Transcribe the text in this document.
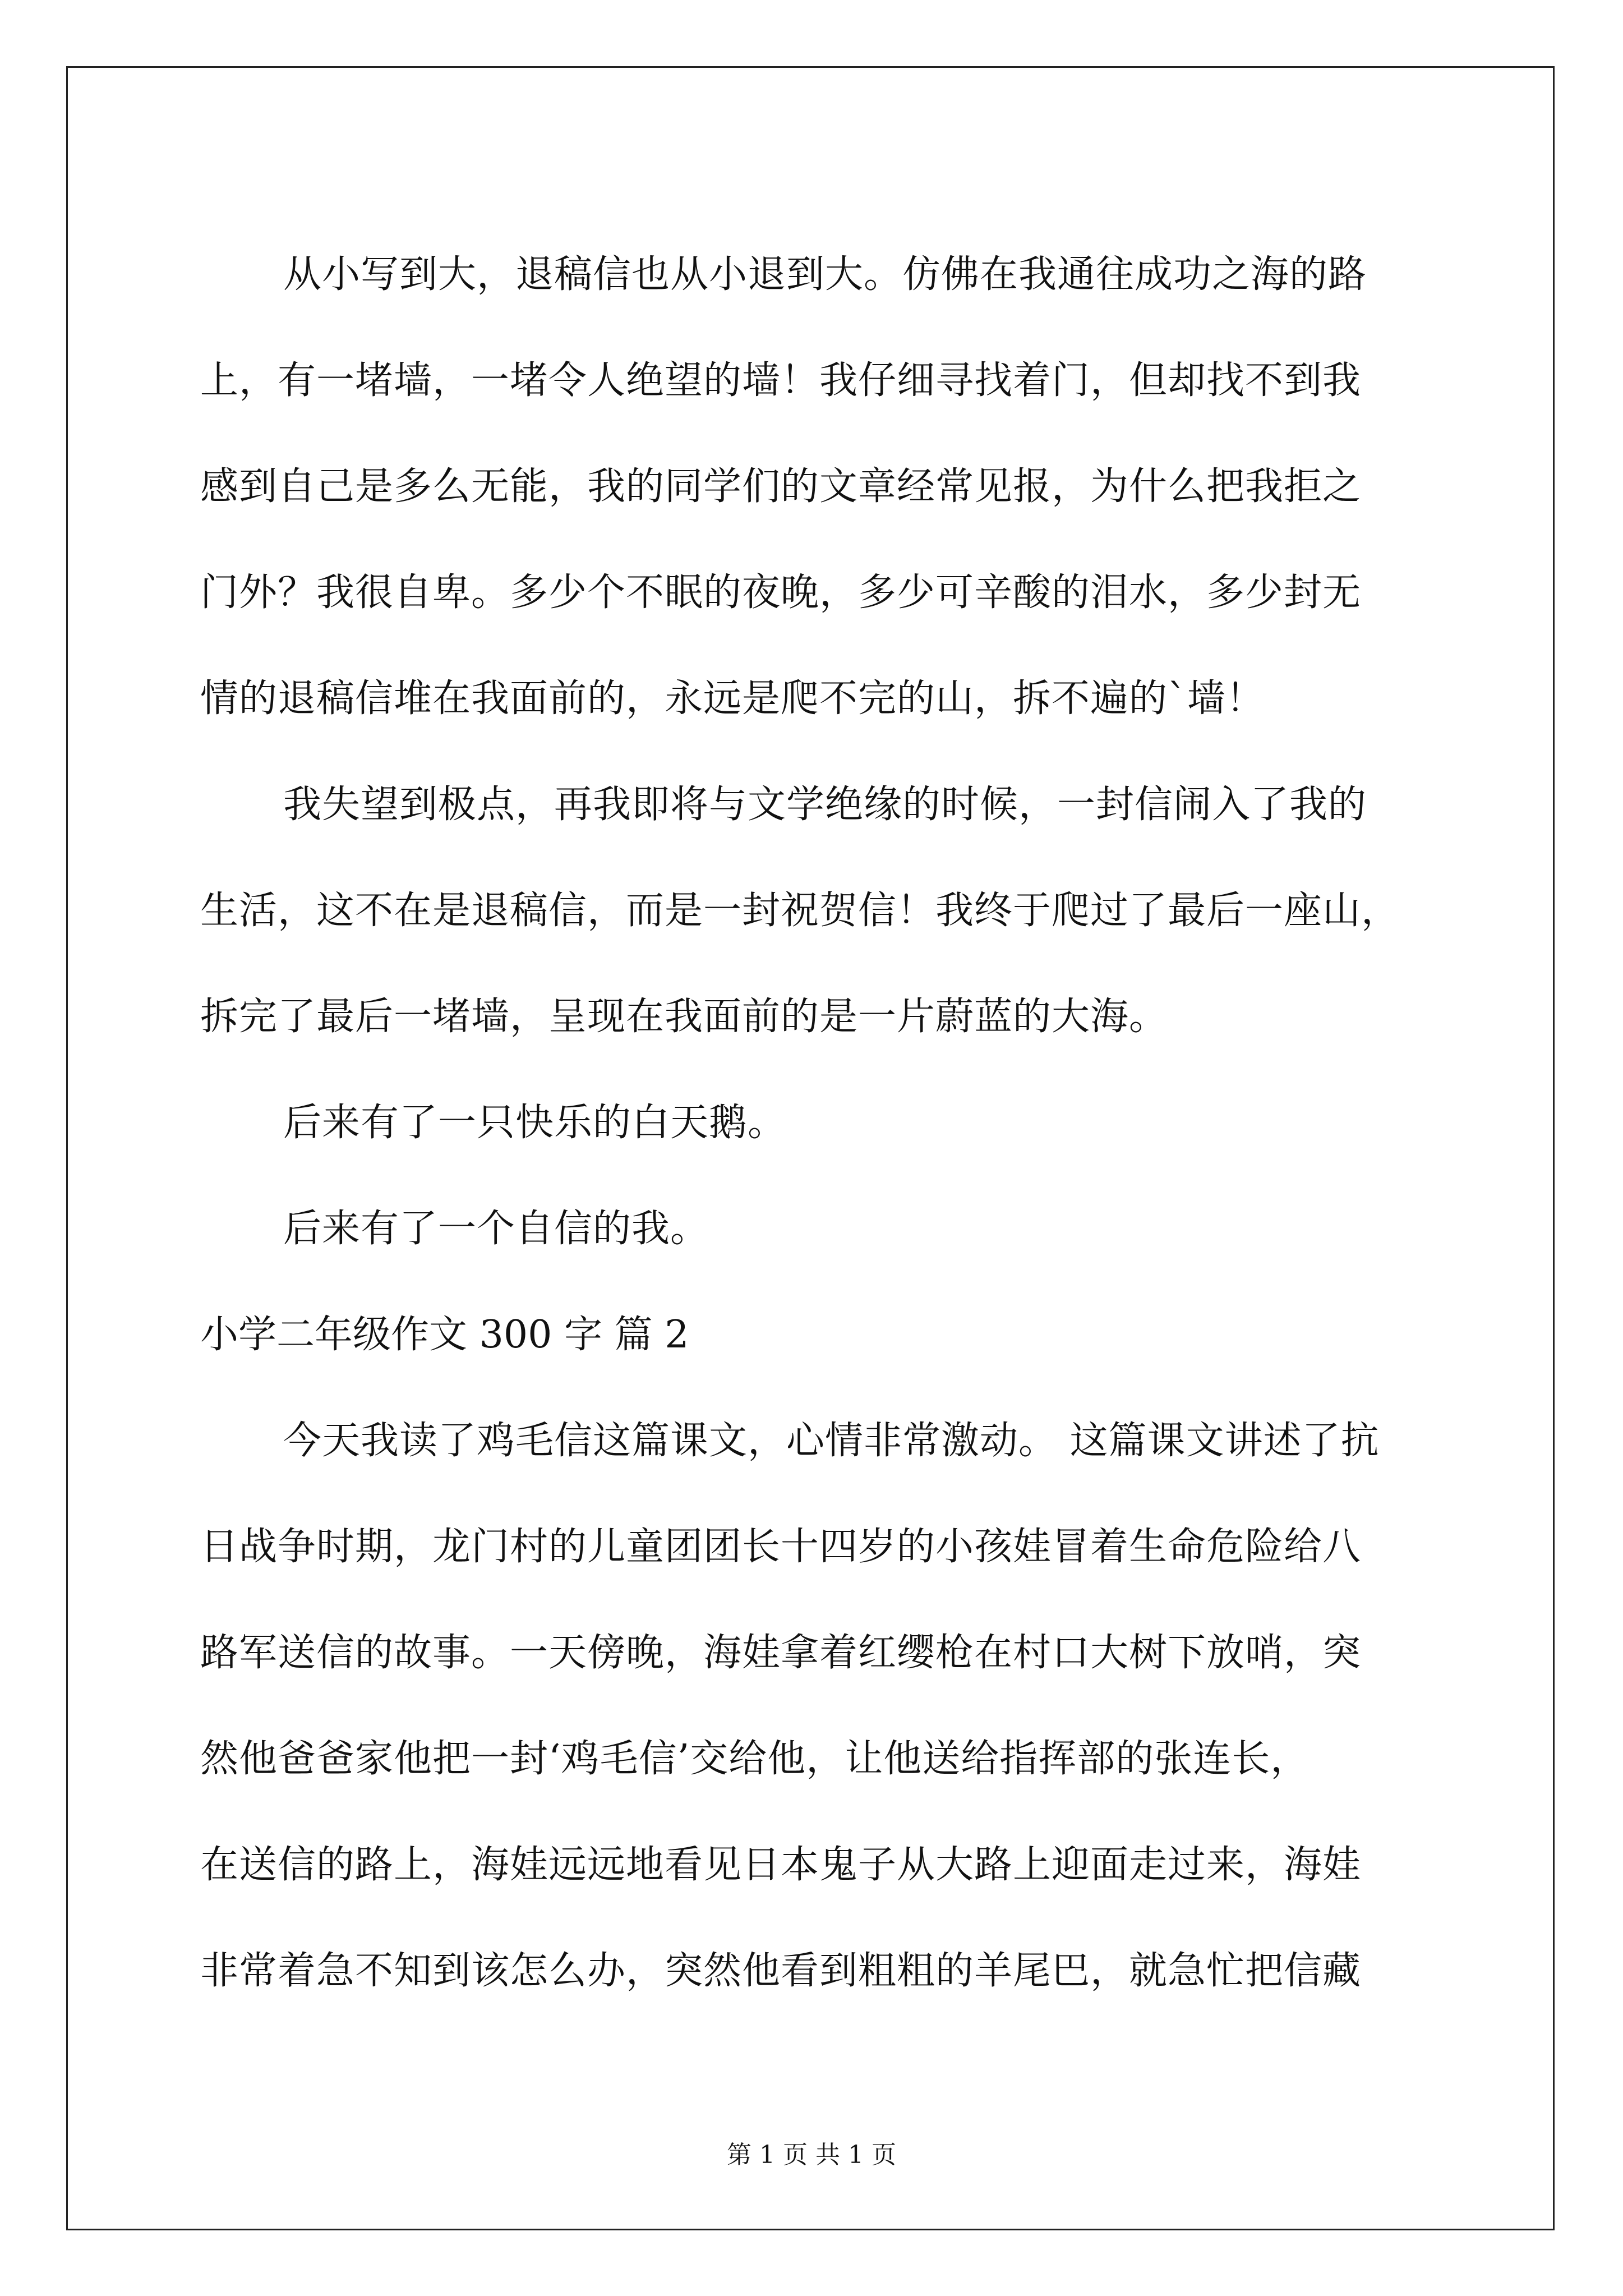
从小写到大，退稿信也从小退到大。仿佛在我通往成功之海的路
上，有一堵墙，一堵令人绝望的墙！我仔细寻找着门，但却找不到我
感到自己是多么无能，我的同学们的文章经常见报，为什么把我拒之
门外？我很自卑。多少个不眠的夜晚，多少可辛酸的泪水，多少封无
情的退稿信堆在我面前的，永远是爬不完的山，拆不遍的`墙！
我失望到极点，再我即将与文学绝缘的时候，一封信闹入了我的
生活，这不在是退稿信，而是一封祝贺信！我终于爬过了最后一座山，
拆完了最后一堵墙，呈现在我面前的是一片蔚蓝的大海。
后来有了一只快乐的白天鹅。
后来有了一个自信的我。
小学二年级作文 300 字 篇 2
今天我读了鸡毛信这篇课文，心情非常激动。 这篇课文讲述了抗
日战争时期，龙门村的儿童团团长十四岁的小孩娃冒着生命危险给八
路军送信的故事。一天傍晚，海娃拿着红缨枪在村口大树下放哨，突
然他爸爸家他把一封‘鸡毛信’交给他，让他送给指挥部的张连长，
在送信的路上，海娃远远地看见日本鬼子从大路上迎面走过来，海娃
非常着急不知到该怎么办，突然他看到粗粗的羊尾巴，就急忙把信藏
第 1 页 共 1 页
